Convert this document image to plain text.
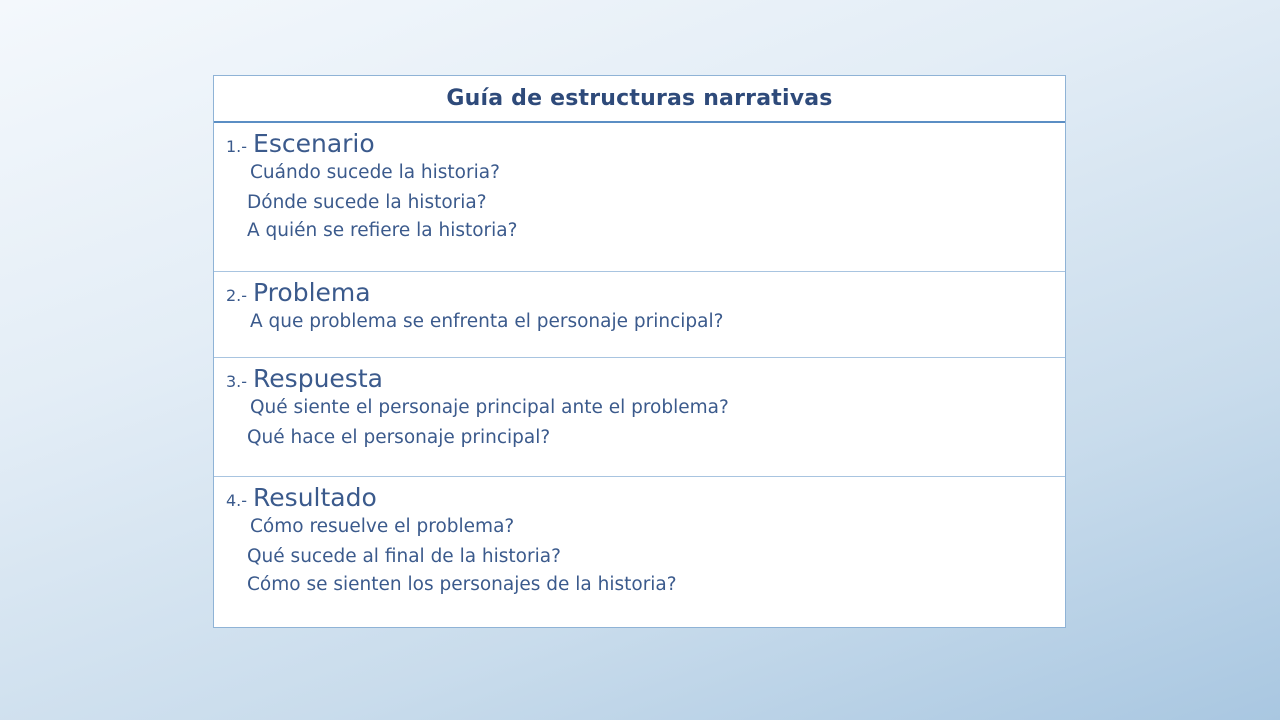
Guía de estructuras narrativas
1.- Escenario
Cuándo sucede la historia?
Dónde sucede la historia?
A quién se refiere la historia?
2.- Problema
A que problema se enfrenta el personaje principal?
3.- Respuesta
Qué siente el personaje principal ante el problema?
Qué hace el personaje principal?
4.- Resultado
Cómo resuelve el problema?
Qué sucede al final de la historia?
Cómo se sienten los personajes de la historia?
